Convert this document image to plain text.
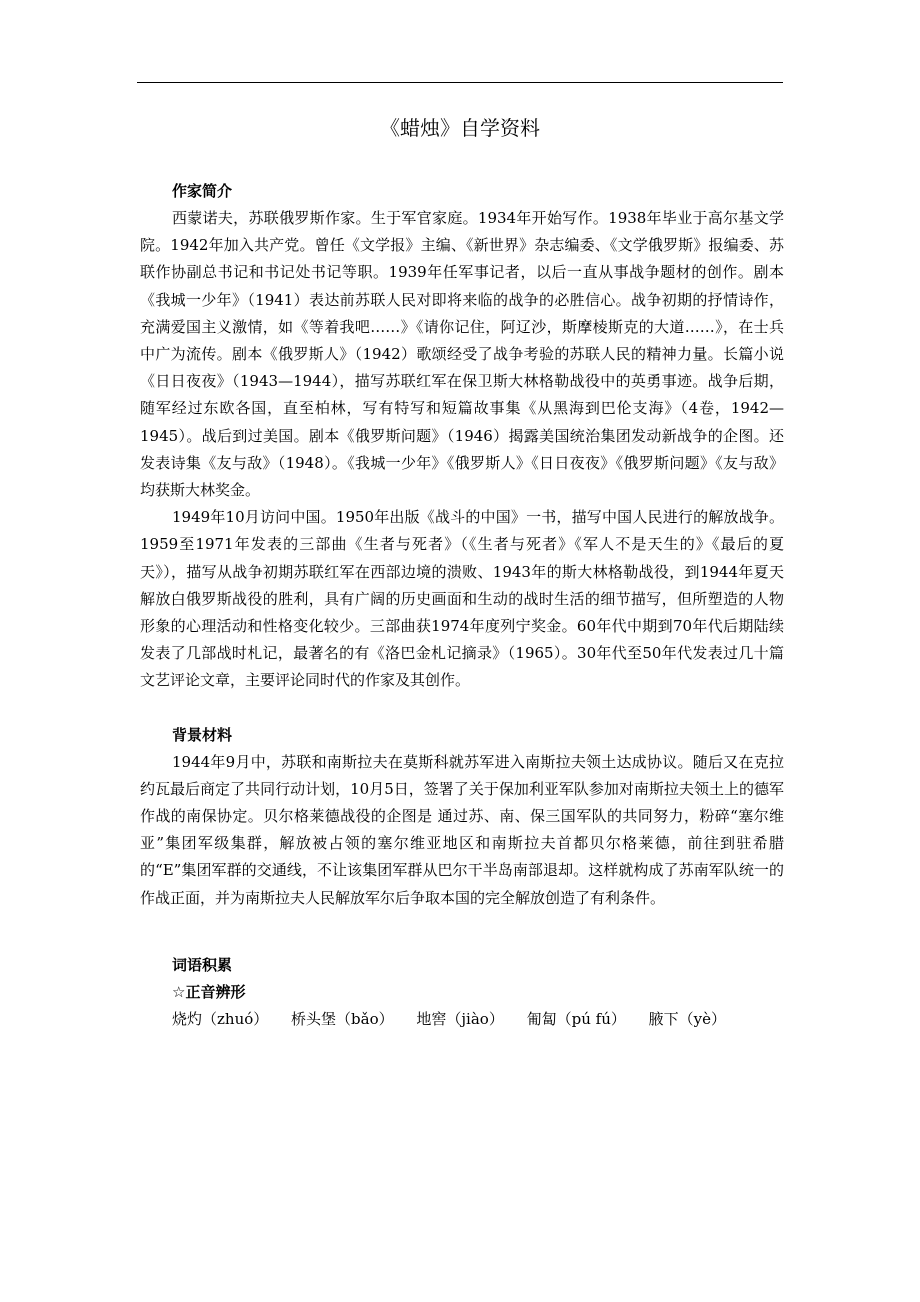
《蜡烛》自学资料

作家简介

西蒙诺夫，苏联俄罗斯作家。生于军官家庭。1934年开始写作。1938年毕业于高尔基文学院。1942年加入共产党。曾任《文学报》主编、《新世界》杂志编委、《文学俄罗斯》报编委、苏联作协副总书记和书记处书记等职。1939年任军事记者，以后一直从事战争题材的创作。剧本《我城一少年》（1941）表达前苏联人民对即将来临的战争的必胜信心。战争初期的抒情诗作，充满爱国主义激情，如《等着我吧……》《请你记住，阿辽沙，斯摩棱斯克的大道……》，在士兵中广为流传。剧本《俄罗斯人》（1942）歌颂经受了战争考验的苏联人民的精神力量。长篇小说《日日夜夜》（1943—1944），描写苏联红军在保卫斯大林格勒战役中的英勇事迹。战争后期，随军经过东欧各国，直至柏林，写有特写和短篇故事集《从黑海到巴伦支海》（4卷，1942—1945）。战后到过美国。剧本《俄罗斯问题》（1946）揭露美国统治集团发动新战争的企图。还发表诗集《友与敌》（1948）。《我城一少年》《俄罗斯人》《日日夜夜》《俄罗斯问题》《友与敌》均获斯大林奖金。

1949年10月访问中国。1950年出版《战斗的中国》一书，描写中国人民进行的解放战争。1959至1971年发表的三部曲《生者与死者》（《生者与死者》《军人不是天生的》《最后的夏天》），描写从战争初期苏联红军在西部边境的溃败、1943年的斯大林格勒战役，到1944年夏天解放白俄罗斯战役的胜利，具有广阔的历史画面和生动的战时生活的细节描写，但所塑造的人物形象的心理活动和性格变化较少。三部曲获1974年度列宁奖金。60年代中期到70年代后期陆续发表了几部战时札记，最著名的有《洛巴金札记摘录》（1965）。30年代至50年代发表过几十篇文艺评论文章，主要评论同时代的作家及其创作。

背景材料

1944年9月中，苏联和南斯拉夫在莫斯科就苏军进入南斯拉夫领土达成协议。随后又在克拉约瓦最后商定了共同行动计划，10月5日，签署了关于保加利亚军队参加对南斯拉夫领土上的德军作战的南保协定。贝尔格莱德战役的企图是 通过苏、南、保三国军队的共同努力，粉碎“塞尔维亚”集团军级集群，解放被占领的塞尔维亚地区和南斯拉夫首都贝尔格莱德，前往到驻希腊的“E”集团军群的交通线，不让该集团军群从巴尔干半岛南部退却。这样就构成了苏南军队统一的作战正面，并为南斯拉夫人民解放军尔后争取本国的完全解放创造了有利条件。

词语积累

☆正音辨形

烧灼（zhuó） 桥头堡（bǎo） 地窖（jiào） 匍匐（pú fú） 腋下（yè）
